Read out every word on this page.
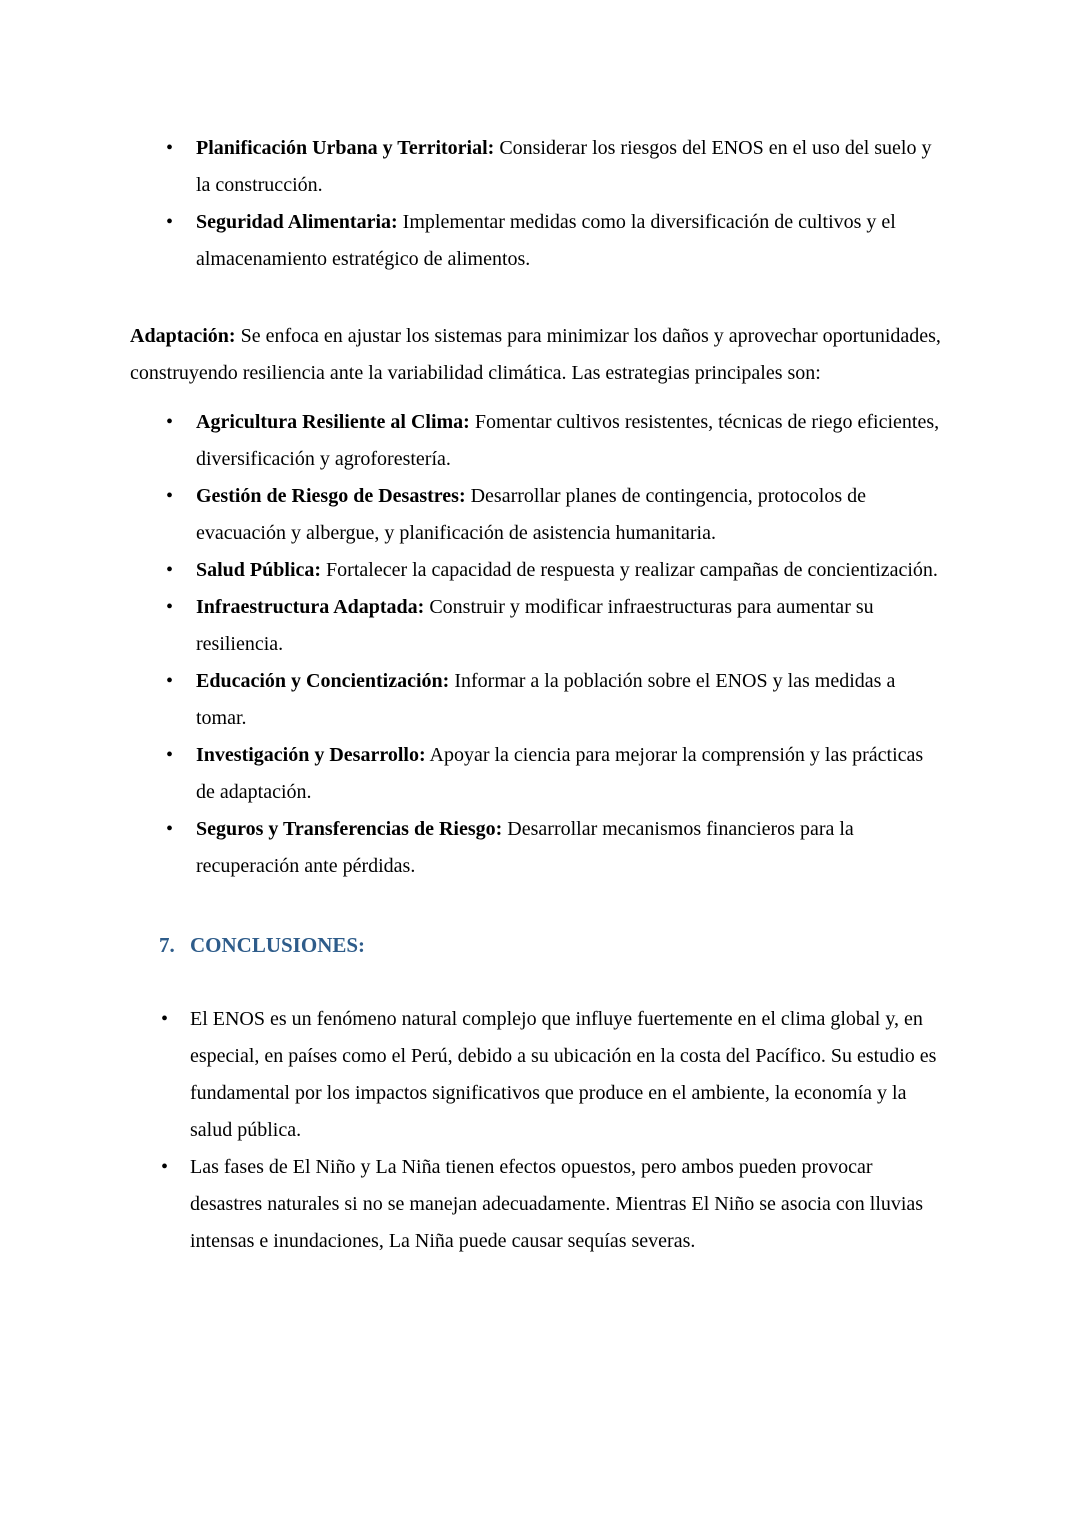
• Planificación Urbana y Territorial: Considerar los riesgos del ENOS en el uso del suelo y la construcción.
• Seguridad Alimentaria: Implementar medidas como la diversificación de cultivos y el almacenamiento estratégico de alimentos.

Adaptación: Se enfoca en ajustar los sistemas para minimizar los daños y aprovechar oportunidades, construyendo resiliencia ante la variabilidad climática. Las estrategias principales son:

• Agricultura Resiliente al Clima: Fomentar cultivos resistentes, técnicas de riego eficientes, diversificación y agroforestería.
• Gestión de Riesgo de Desastres: Desarrollar planes de contingencia, protocolos de evacuación y albergue, y planificación de asistencia humanitaria.
• Salud Pública: Fortalecer la capacidad de respuesta y realizar campañas de concientización.
• Infraestructura Adaptada: Construir y modificar infraestructuras para aumentar su resiliencia.
• Educación y Concientización: Informar a la población sobre el ENOS y las medidas a tomar.
• Investigación y Desarrollo: Apoyar la ciencia para mejorar la comprensión y las prácticas de adaptación.
• Seguros y Transferencias de Riesgo: Desarrollar mecanismos financieros para la recuperación ante pérdidas.
7. CONCLUSIONES:
• El ENOS es un fenómeno natural complejo que influye fuertemente en el clima global y, en especial, en países como el Perú, debido a su ubicación en la costa del Pacífico. Su estudio es fundamental por los impactos significativos que produce en el ambiente, la economía y la salud pública.
• Las fases de El Niño y La Niña tienen efectos opuestos, pero ambos pueden provocar desastres naturales si no se manejan adecuadamente. Mientras El Niño se asocia con lluvias intensas e inundaciones, La Niña puede causar sequías severas.
